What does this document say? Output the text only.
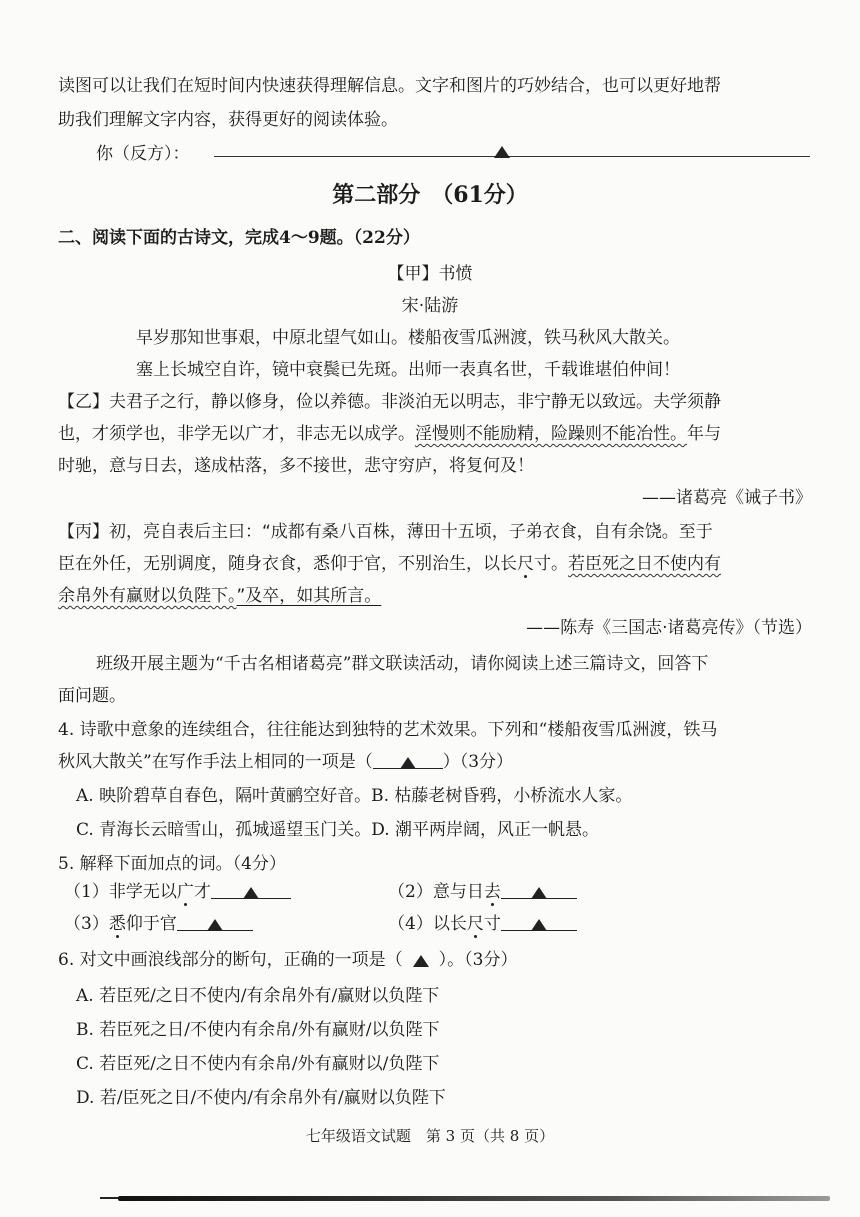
读图可以让我们在短时间内快速获得理解信息。文字和图片的巧妙结合，也可以更好地帮
助我们理解文字内容，获得更好的阅读体验。
你（反方）：
第二部分　（61分）
二、阅读下面的古诗文，完成4～9题。（22分）
【甲】书愤
宋·陆游
早岁那知世事艰，中原北望气如山。楼船夜雪瓜洲渡，铁马秋风大散关。
塞上长城空自许，镜中衰鬓已先斑。出师一表真名世，千载谁堪伯仲间！
【乙】夫君子之行，静以修身，俭以养德。非淡泊无以明志，非宁静无以致远。夫学须静
也，才须学也，非学无以广才，非志无以成学。淫慢则不能励精，险躁则不能冶性。年与
时驰，意与日去，遂成枯落，多不接世，悲守穷庐，将复何及！
——诸葛亮《诫子书》
【丙】初，亮自表后主曰：“成都有桑八百株，薄田十五顷，子弟衣食，自有余饶。至于
臣在外任，无别调度，随身衣食，悉仰于官，不别治生，以长尺寸。若臣死之日不使内有
余帛外有赢财以负陛下。”及卒，如其所言。
——陈寿《三国志·诸葛亮传》（节选）
班级开展主题为“千古名相诸葛亮”群文联读活动，请你阅读上述三篇诗文，回答下
面问题。
4. 诗歌中意象的连续组合，往往能达到独特的艺术效果。下列和“楼船夜雪瓜洲渡，铁马
秋风大散关”在写作手法上相同的一项是（	）（3分）
A. 映阶碧草自春色，隔叶黄鹂空好音。B. 枯藤老树昏鸦，小桥流水人家。
C. 青海长云暗雪山，孤城遥望玉门关。D. 潮平两岸阔，风正一帆悬。
5. 解释下面加点的词。（4分）
（1）非学无以广才	（2）意与日去
（3）悉仰于官	（4）以长尺寸
6. 对文中画浪线部分的断句，正确的一项是（ ）。（3分）
A. 若臣死/之日不使内/有余帛外有/赢财以负陛下
B. 若臣死之日/不使内有余帛/外有赢财/以负陛下
C. 若臣死/之日不使内有余帛/外有赢财以/负陛下
D. 若/臣死之日/不使内/有余帛外有/赢财以负陛下
七年级语文试题　第 3 页（共 8 页）
